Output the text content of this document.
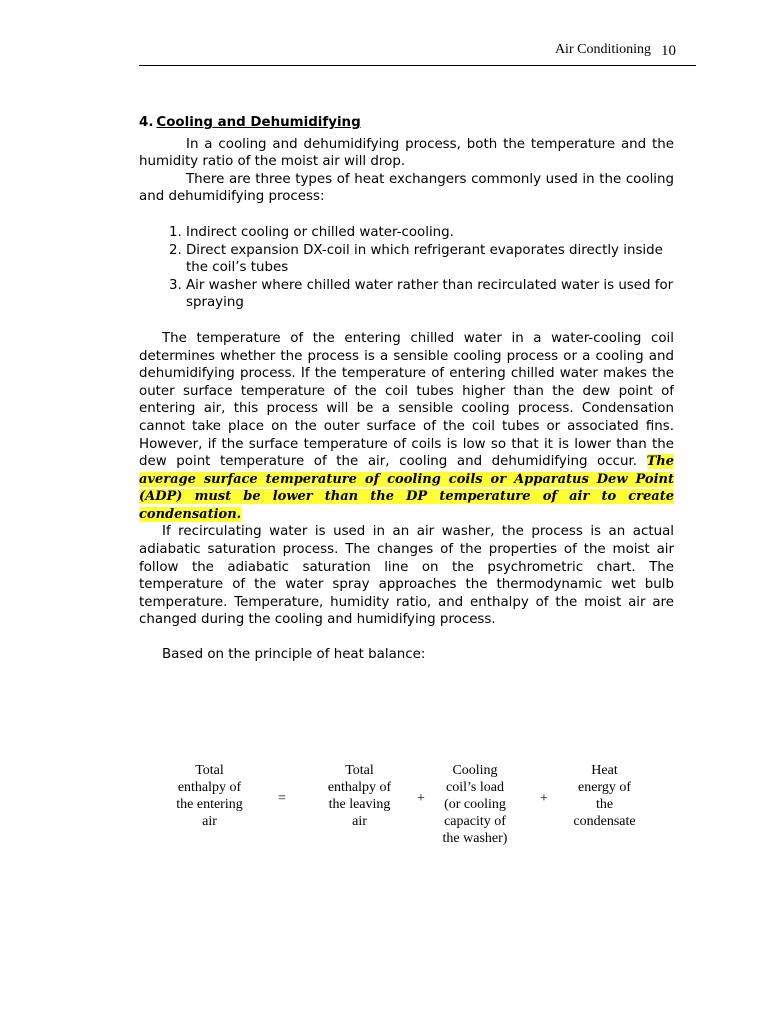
Air Conditioning 10
4. Cooling and Dehumidifying

In a cooling and dehumidifying process, both the temperature and the humidity ratio of the moist air will drop.

There are three types of heat exchangers commonly used in the cooling and dehumidifying process:

1. Indirect cooling or chilled water-cooling.
2. Direct expansion DX-coil in which refrigerant evaporates directly inside the coil’s tubes
3. Air washer where chilled water rather than recirculated water is used for spraying

The temperature of the entering chilled water in a water-cooling coil determines whether the process is a sensible cooling process or a cooling and dehumidifying process. If the temperature of entering chilled water makes the outer surface temperature of the coil tubes higher than the dew point of entering air, this process will be a sensible cooling process. Condensation cannot take place on the outer surface of the coil tubes or associated fins. However, if the surface temperature of coils is low so that it is lower than the dew point temperature of the air, cooling and dehumidifying occur. The average surface temperature of cooling coils or Apparatus Dew Point (ADP) must be lower than the DP temperature of air to create condensation.

If recirculating water is used in an air washer, the process is an actual adiabatic saturation process. The changes of the properties of the moist air follow the adiabatic saturation line on the psychrometric chart. The temperature of the water spray approaches the thermodynamic wet bulb temperature. Temperature, humidity ratio, and enthalpy of the moist air are changed during the cooling and humidifying process.

Based on the principle of heat balance:

Total
enthalpy of
the entering
air
=
Total
enthalpy of
the leaving
air
+
Cooling
coil’s load
(or cooling
capacity of
the washer)
+
Heat
energy of
the
condensate
